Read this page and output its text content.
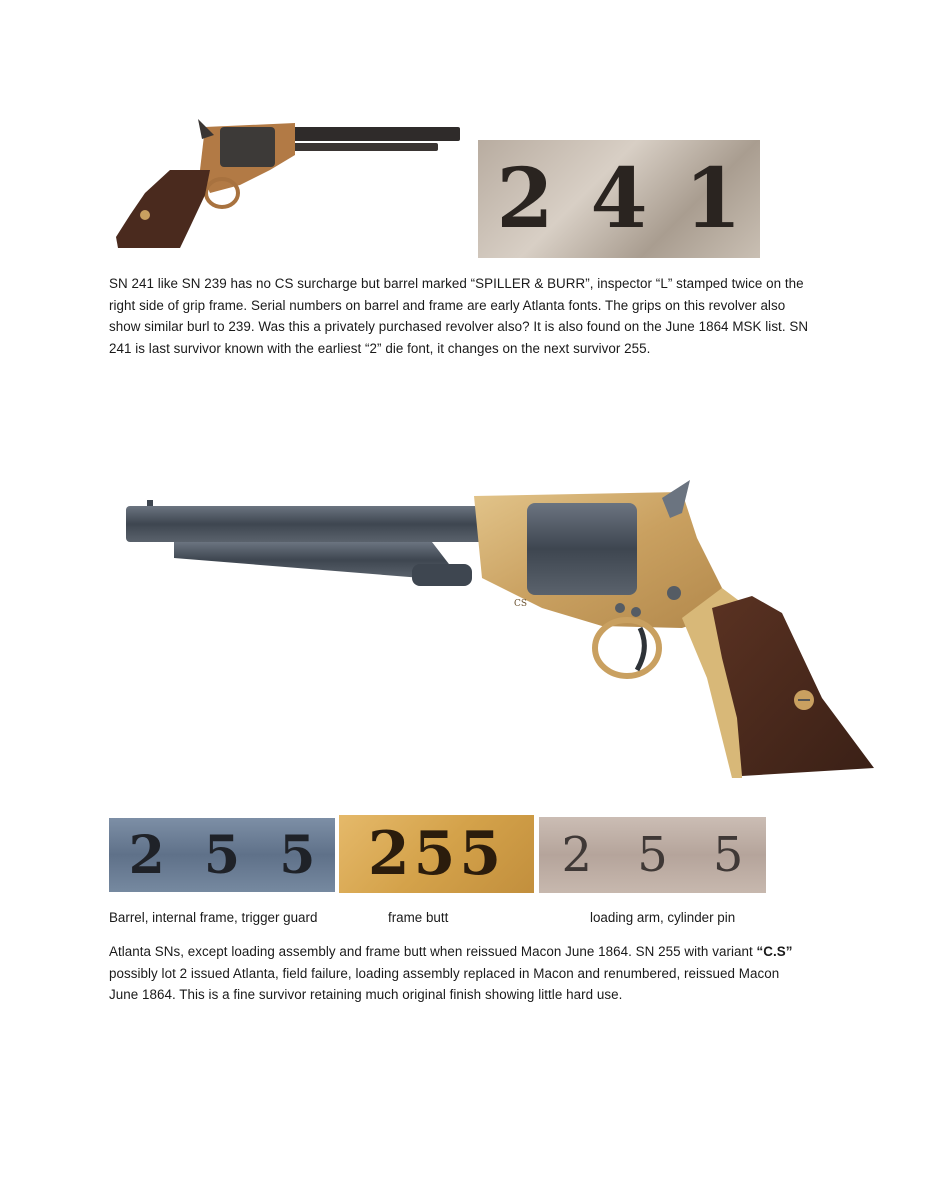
2 4 1
SN 241 like SN 239 has no CS surcharge but barrel marked “SPILLER & BURR”, inspector “L” stamped twice on the right side of grip frame. Serial numbers on barrel and frame are early Atlanta fonts. The grips on this revolver also show similar burl to 239. Was this a privately purchased revolver also? It is also found on the June 1864 MSK list. SN 241 is last survivor known with the earliest “2” die font, it changes on the next survivor 255.
CS
2 5 5 2 5 5 2 5 5
Barrel, internal frame, trigger guard	frame butt	loading arm, cylinder pin
Atlanta SNs, except loading assembly and frame butt when reissued Macon June 1864. SN 255 with variant “C.S” possibly lot 2 issued Atlanta, field failure, loading assembly replaced in Macon and renumbered, reissued Macon June 1864. This is a fine survivor retaining much original finish showing little hard use.
